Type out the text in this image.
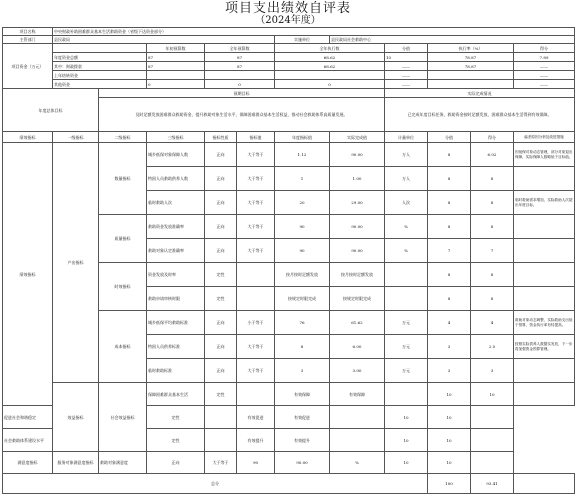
项目支出绩效自评表
（2024年度）
项目名称	中央财政补助困难群众基本生活救助资金（省级下达资金部分）										
主管部门	县民政局					实施单位	县民政局社会救助中心				
项目资金（万元）			年初预算数	全年预算数		全年执行数		分值	执行率（%）		得分
	年度资金总额		87	87		68.62		10	78.87		7.89
	其中：财政拨款		87	87		68.62		——	78.87		——
	上年结转资金							——			——
	其他资金		0	0		0		——			——
年度总体目标		预期目标						实际完成情况			
		及时足额发放困难群众救助资金，提升救助对象生活水平，保障困难群众基本生活权益，推动社会救助体系高质量发展。						已完成年度目标任务，救助资金按时足额发放，困难群众基本生活得到有效保障。			
绩效指标	一级指标	二级指标	三级指标	指标性质	指标值	年度指标值	实际完成值	计量单位	分值	得分	偏差原因分析及改进措施
绩效指标	产出指标	数量指标	城乡低保对象保障人数	正向	大于等于	1.12	90.00	万人	8	6.02	因低保对象动态管理，部分对象退出保障，实际保障人数略低于目标值。
			特困人员救助供养人数	正向	大于等于	1	1.00	万人	8	8	
			临时救助人次	正向	大于等于	20	29.00	人次	8	8	临时救助需求增加，实际救助人次超出年度目标。
		质量指标	救助资金发放准确率	正向	大于等于	90	90.00	%	8	8	
			救助对象认定准确率	正向	大于等于	90	90.00	%	7	7	
		时效指标	资金发放及时率	定性		按月按时足额发放	按月按时足额发放		8	8	
			救助申请审核时限	定性		按规定时限完成	按规定时限完成		8	8	
		成本指标	城乡低保平均救助标准	正向	小于等于	76	61.62	万元	4	4	救助对象动态调整，实际救助支出低于预算，资金执行率有待提高。
			特困人员供养标准	正向	大于等于	8	6.00	万元	3	2.5	按照实际供养人数据实发放，下一步将加强资金预算管理。
			临时救助标准	正向	大于等于	3	3.00	万元	3	3	
	效益指标	社会效益指标	保障困难群众基本生活	定性		有效保障	有效保障		10	10	
促进社会和谐稳定			定性		有效促进	有效促进		10	10		
社会救助体系建设水平			定性		有效提升	有效提升		10	10		
满意度指标	服务对象满意度指标	救助对象满意度	正向	大于等于	90	90.00	%	10	10		
总分									100	93.41	
